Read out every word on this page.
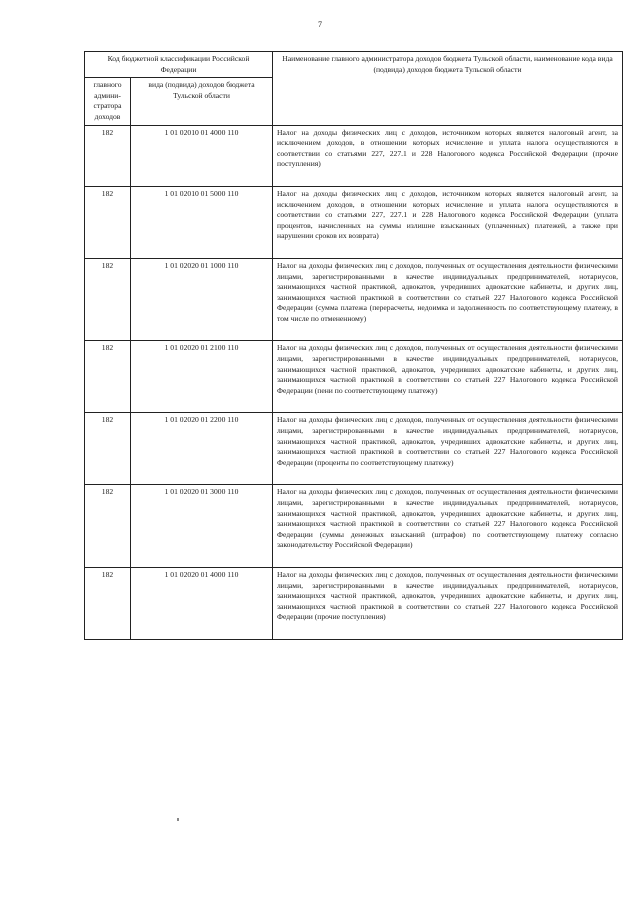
7
Код бюджетной классификации Российской Федерации		Наименование главного администратора доходов бюджета Тульской области, наименование кода вида (подвида) доходов бюджета Тульской области
главного админи-стратора доходов	вида (подвида) доходов бюджета Тульской области	
182	1 01 02010 01 4000 110	Налог на доходы физических лиц с доходов, источником которых является налоговый агент, за исключением доходов, в отношении которых исчисление и уплата налога осуществляются в соответствии со статьями 227, 227.1 и 228 Налогового кодекса Российской Федерации (прочие поступления)

182	1 01 02010 01 5000 110	Налог на доходы физических лиц с доходов, источником которых является налоговый агент, за исключением доходов, в отношении которых исчисление и уплата налога осуществляются в соответствии со статьями 227, 227.1 и 228 Налогового кодекса Российской Федерации (уплата процентов, начисленных на суммы излишне взысканных (уплаченных) платежей, а также при нарушении сроков их возврата)

182	1 01 02020 01 1000 110	Налог на доходы физических лиц с доходов, полученных от осуществления деятельности физическими лицами, зарегистрированными в качестве индивидуальных предпринимателей, нотариусов, занимающихся частной практикой, адвокатов, учредивших адвокатские кабинеты, и других лиц, занимающихся частной практикой в соответствии со статьей 227 Налогового кодекса Российской Федерации (сумма платежа (перерасчеты, недоимка и задолженность по соответствующему платежу, в том числе по отмененному)

182	1 01 02020 01 2100 110	Налог на доходы физических лиц с доходов, полученных от осуществления деятельности физическими лицами, зарегистрированными в качестве индивидуальных предпринимателей, нотариусов, занимающихся частной практикой, адвокатов, учредивших адвокатские кабинеты, и других лиц, занимающихся частной практикой в соответствии со статьей 227 Налогового кодекса Российской Федерации (пени по соответствующему платежу)

182	1 01 02020 01 2200 110	Налог на доходы физических лиц с доходов, полученных от осуществления деятельности физическими лицами, зарегистрированными в качестве индивидуальных предпринимателей, нотариусов, занимающихся частной практикой, адвокатов, учредивших адвокатские кабинеты, и других лиц, занимающихся частной практикой в соответствии со статьей 227 Налогового кодекса Российской Федерации (проценты по соответствующему платежу)

182	1 01 02020 01 3000 110	Налог на доходы физических лиц с доходов, полученных от осуществления деятельности физическими лицами, зарегистрированными в качестве индивидуальных предпринимателей, нотариусов, занимающихся частной практикой, адвокатов, учредивших адвокатские кабинеты, и других лиц, занимающихся частной практикой в соответствии со статьей 227 Налогового кодекса Российской Федерации (суммы денежных взысканий (штрафов) по соответствующему платежу согласно законодательству Российской Федерации)

182	1 01 02020 01 4000 110	Налог на доходы физических лиц с доходов, полученных от осуществления деятельности физическими лицами, зарегистрированными в качестве индивидуальных предпринимателей, нотариусов, занимающихся частной практикой, адвокатов, учредивших адвокатские кабинеты, и других лиц, занимающихся частной практикой в соответствии со статьей 227 Налогового кодекса Российской Федерации (прочие поступления)
